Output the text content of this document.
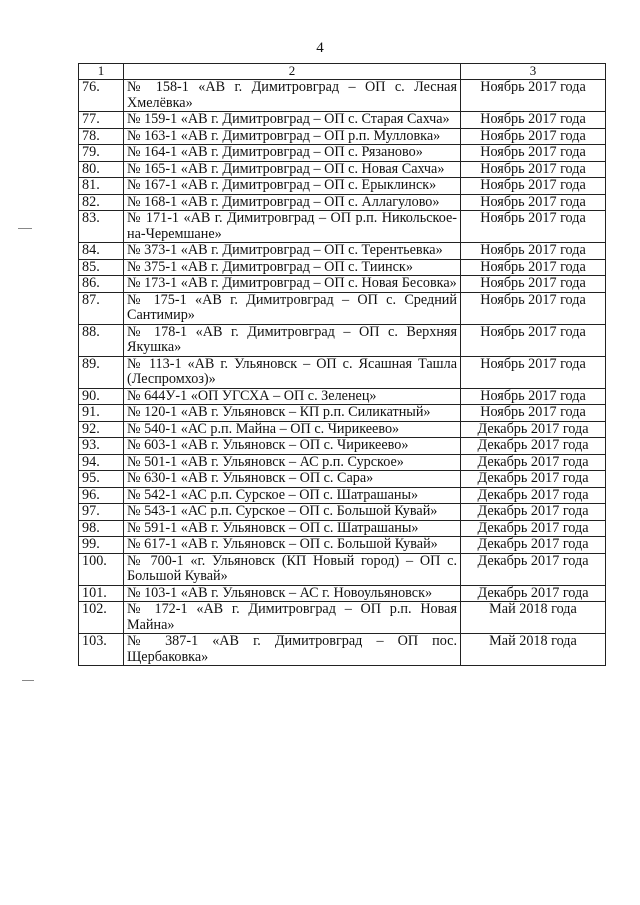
4
1	2	3
76.	№ 158-1 «АВ г. Димитровград – ОП с. Лесная Хмелёвка»	Ноябрь 2017 года
77.	№ 159-1 «АВ г. Димитровград – ОП с. Старая Сахча»	Ноябрь 2017 года
78.	№ 163-1 «АВ г. Димитровград – ОП р.п. Мулловка»	Ноябрь 2017 года
79.	№ 164-1 «АВ г. Димитровград – ОП с. Рязаново»	Ноябрь 2017 года
80.	№ 165-1 «АВ г. Димитровград – ОП с. Новая Сахча»	Ноябрь 2017 года
81.	№ 167-1 «АВ г. Димитровград – ОП с. Ерыклинск»	Ноябрь 2017 года
82.	№ 168-1 «АВ г. Димитровград – ОП с. Аллагулово»	Ноябрь 2017 года
83.	№ 171-1 «АВ г. Димитровград – ОП р.п. Никольское-на-Черемшане»	Ноябрь 2017 года
84.	№ 373-1 «АВ г. Димитровград – ОП с. Терентьевка»	Ноябрь 2017 года
85.	№ 375-1 «АВ г. Димитровград – ОП с. Тиинск»	Ноябрь 2017 года
86.	№ 173-1 «АВ г. Димитровград – ОП с. Новая Бесовка»	Ноябрь 2017 года
87.	№ 175-1 «АВ г. Димитровград – ОП с. Средний Сантимир»	Ноябрь 2017 года
88.	№ 178-1 «АВ г. Димитровград – ОП с. Верхняя Якушка»	Ноябрь 2017 года
89.	№ 113-1 «АВ г. Ульяновск – ОП с. Ясашная Ташла (Леспромхоз)»	Ноябрь 2017 года
90.	№ 644У-1 «ОП УГСХА – ОП с. Зеленец»	Ноябрь 2017 года
91.	№ 120-1 «АВ г. Ульяновск – КП р.п. Силикатный»	Ноябрь 2017 года
92.	№ 540-1 «АС р.п. Майна – ОП с. Чирикеево»	Декабрь 2017 года
93.	№ 603-1 «АВ г. Ульяновск – ОП с. Чирикеево»	Декабрь 2017 года
94.	№ 501-1 «АВ г. Ульяновск – АС р.п. Сурское»	Декабрь 2017 года
95.	№ 630-1 «АВ г. Ульяновск – ОП с. Сара»	Декабрь 2017 года
96.	№ 542-1 «АС р.п. Сурское – ОП с. Шатрашаны»	Декабрь 2017 года
97.	№ 543-1 «АС р.п. Сурское – ОП с. Большой Кувай»	Декабрь 2017 года
98.	№ 591-1 «АВ г. Ульяновск – ОП с. Шатрашаны»	Декабрь 2017 года
99.	№ 617-1 «АВ г. Ульяновск – ОП с. Большой Кувай»	Декабрь 2017 года
100.	№ 700-1 «г. Ульяновск (КП Новый город) – ОП с. Большой Кувай»	Декабрь 2017 года
101.	№ 103-1 «АВ г. Ульяновск – АС г. Новоульяновск»	Декабрь 2017 года
102.	№ 172-1 «АВ г. Димитровград – ОП р.п. Новая Майна»	Май 2018 года
103.	№ 387-1 «АВ г. Димитровград – ОП пос. Щербаковка»	Май 2018 года
